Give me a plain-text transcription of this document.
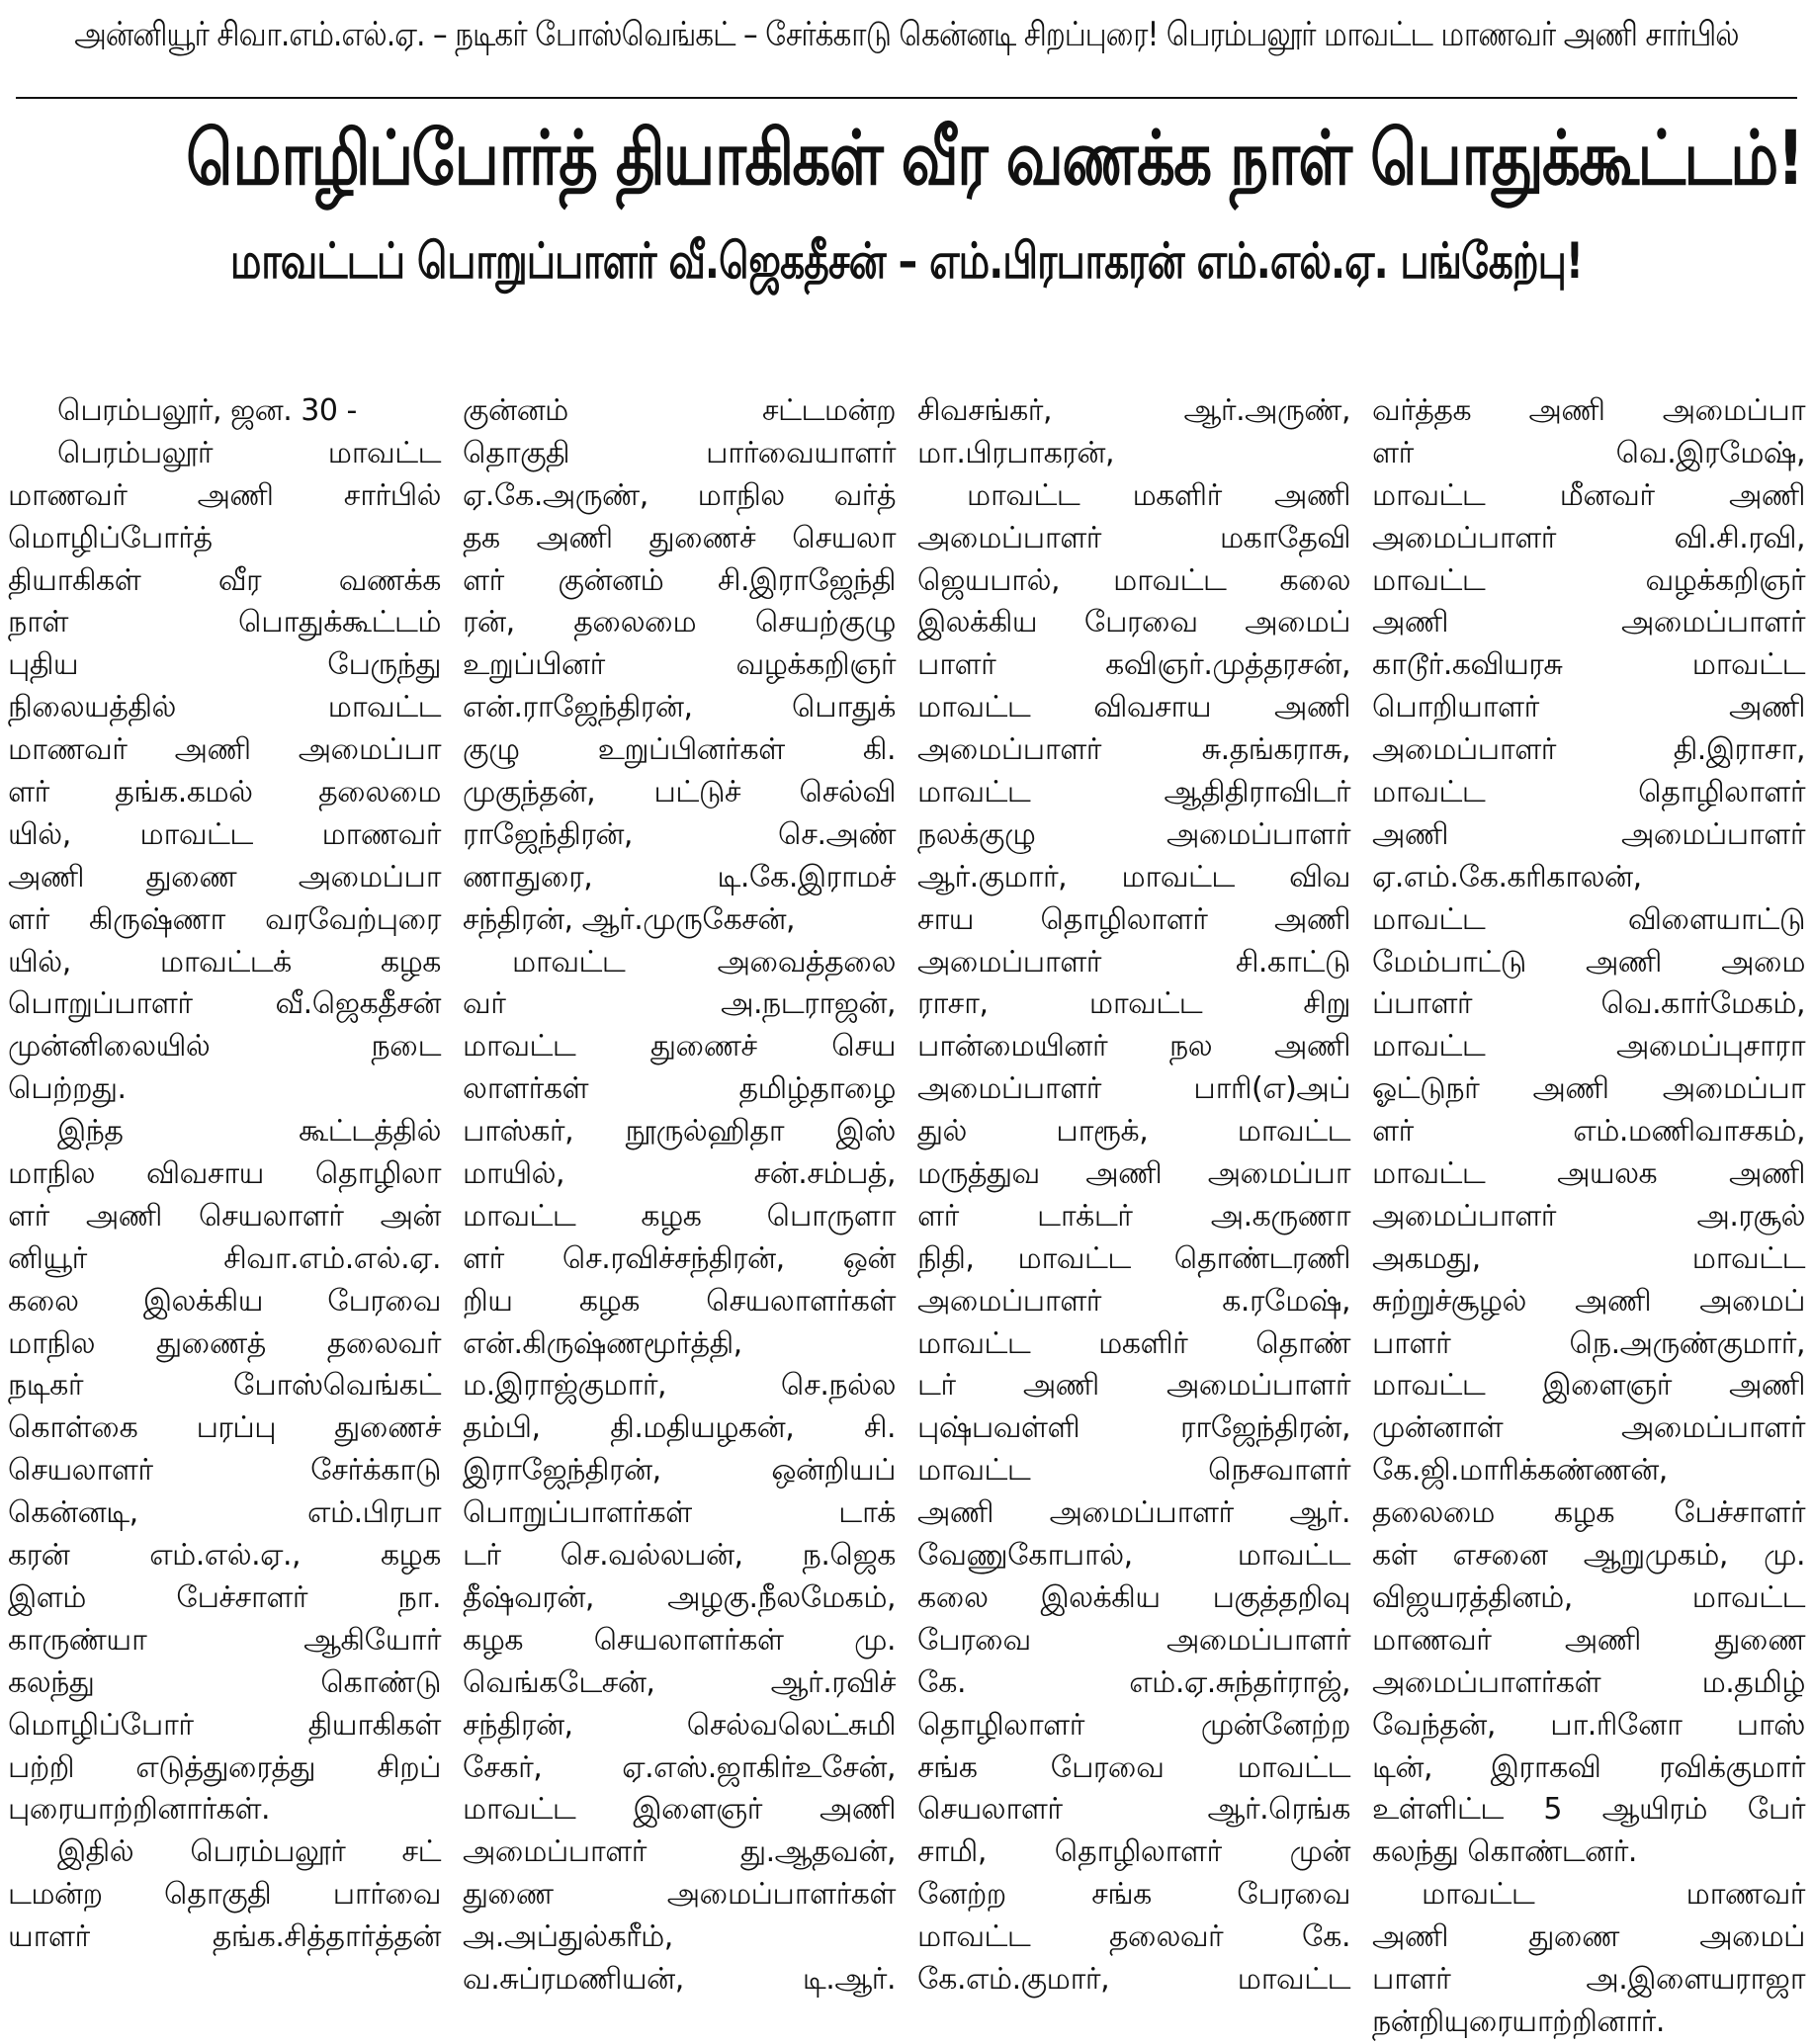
அன்னியூர் சிவா.எம்.எல்.ஏ. – நடிகர் போஸ்வெங்கட் – சேர்க்காடு கென்னடி சிறப்புரை! பெரம்பலூர் மாவட்ட மாணவர் அணி சார்பில்
மொழிப்போர்த் தியாகிகள் வீர வணக்க நாள் பொதுக்கூட்டம்!
மாவட்டப் பொறுப்பாளர் வீ.ஜெகதீசன் – எம்.பிரபாகரன் எம்.எல்.ஏ. பங்கேற்பு!
பெரம்பலூர், ஜன. 30 -
பெரம்பலூர் மாவட்ட
மாணவர் அணி சார்பில்
மொழிப்போர்த்
தியாகிகள் வீர வணக்க
நாள் பொதுக்கூட்டம்
புதிய பேருந்து
நிலையத்தில் மாவட்ட
மாணவர் அணி அமைப்பா
ளர் தங்க.கமல் தலைமை
யில், மாவட்ட மாணவர்
அணி துணை அமைப்பா
ளர் கிருஷ்ணா வரவேற்புரை
யில், மாவட்டக் கழக
பொறுப்பாளர் வீ.ஜெகதீசன்
முன்னிலையில் நடை
பெற்றது.
இந்த கூட்டத்தில்
மாநில விவசாய தொழிலா
ளர் அணி செயலாளர் அன்
னியூர் சிவா.எம்.எல்.ஏ.
கலை இலக்கிய பேரவை
மாநில துணைத் தலைவர்
நடிகர் போஸ்வெங்கட்
கொள்கை பரப்பு துணைச்
செயலாளர் சேர்க்காடு
கென்னடி, எம்.பிரபா
கரன் எம்.எல்.ஏ., கழக
இளம் பேச்சாளர் நா.
காருண்யா ஆகியோர்
கலந்து கொண்டு
மொழிப்போர் தியாகிகள்
பற்றி எடுத்துரைத்து சிறப்
புரையாற்றினார்கள்.
இதில் பெரம்பலூர் சட்
டமன்ற தொகுதி பார்வை
யாளர் தங்க.சித்தார்த்தன்
குன்னம் சட்டமன்ற
தொகுதி பார்வையாளர்
ஏ.கே.அருண், மாநில வர்த்
தக அணி துணைச் செயலா
ளர் குன்னம் சி.இராஜேந்தி
ரன், தலைமை செயற்குழு
உறுப்பினர் வழக்கறிஞர்
என்.ராஜேந்திரன், பொதுக்
குழு உறுப்பினர்கள் கி.
முகுந்தன், பட்டுச் செல்வி
ராஜேந்திரன், செ.அண்
ணாதுரை, டி.கே.இராமச்
சந்திரன், ஆர்.முருகேசன்,
மாவட்ட அவைத்தலை
வர் அ.நடராஜன்,
மாவட்ட துணைச் செய
லாளர்கள் தமிழ்தாழை
பாஸ்கர், நூருல்ஹிதா இஸ்
மாயில், சன்.சம்பத்,
மாவட்ட கழக பொருளா
ளர் செ.ரவிச்சந்திரன், ஒன்
றிய கழக செயலாளர்கள்
என்.கிருஷ்ணமூர்த்தி,
ம.இராஜ்குமார், செ.நல்ல
தம்பி, தி.மதியழகன், சி.
இராஜேந்திரன், ஒன்றியப்
பொறுப்பாளர்கள் டாக்
டர் செ.வல்லபன், ந.ஜெக
தீஷ்வரன், அழகு.நீலமேகம்,
கழக செயலாளர்கள் மு.
வெங்கடேசன், ஆர்.ரவிச்
சந்திரன், செல்வலெட்சுமி
சேகர், ஏ.எஸ்.ஜாகிர்உசேன்,
மாவட்ட இளைஞர் அணி
அமைப்பாளர் து.ஆதவன்,
துணை அமைப்பாளர்கள்
அ.அப்துல்கரீம்,
வ.சுப்ரமணியன், டி.ஆர்.
சிவசங்கர், ஆர்.அருண்,
மா.பிரபாகரன்,
மாவட்ட மகளிர் அணி
அமைப்பாளர் மகாதேவி
ஜெயபால், மாவட்ட கலை
இலக்கிய பேரவை அமைப்
பாளர் கவிஞர்.முத்தரசன்,
மாவட்ட விவசாய அணி
அமைப்பாளர் சு.தங்கராசு,
மாவட்ட ஆதிதிராவிடர்
நலக்குழு அமைப்பாளர்
ஆர்.குமார், மாவட்ட விவ
சாய தொழிலாளர் அணி
அமைப்பாளர் சி.காட்டு
ராசா, மாவட்ட சிறு
பான்மையினர் நல அணி
அமைப்பாளர் பாரி(எ)அப்
துல் பாரூக், மாவட்ட
மருத்துவ அணி அமைப்பா
ளர் டாக்டர் அ.கருணா
நிதி, மாவட்ட தொண்டரணி
அமைப்பாளர் க.ரமேஷ்,
மாவட்ட மகளிர் தொண்
டர் அணி அமைப்பாளர்
புஷ்பவள்ளி ராஜேந்திரன்,
மாவட்ட நெசவாளர்
அணி அமைப்பாளர் ஆர்.
வேணுகோபால், மாவட்ட
கலை இலக்கிய பகுத்தறிவு
பேரவை அமைப்பாளர்
கே. எம்.ஏ.சுந்தர்ராஜ்,
தொழிலாளர் முன்னேற்ற
சங்க பேரவை மாவட்ட
செயலாளர் ஆர்.ரெங்க
சாமி, தொழிலாளர் முன்
னேற்ற சங்க பேரவை
மாவட்ட தலைவர் கே.
கே.எம்.குமார், மாவட்ட
வர்த்தக அணி அமைப்பா
ளர் வெ.இரமேஷ்,
மாவட்ட மீனவர் அணி
அமைப்பாளர் வி.சி.ரவி,
மாவட்ட வழக்கறிஞர்
அணி அமைப்பாளர்
காடூர்.கவியரசு மாவட்ட
பொறியாளர் அணி
அமைப்பாளர் தி.இராசா,
மாவட்ட தொழிலாளர்
அணி அமைப்பாளர்
ஏ.எம்.கே.கரிகாலன்,
மாவட்ட விளையாட்டு
மேம்பாட்டு அணி அமை
ப்பாளர் வெ.கார்மேகம்,
மாவட்ட அமைப்புசாரா
ஓட்டுநர் அணி அமைப்பா
ளர் எம்.மணிவாசகம்,
மாவட்ட அயலக அணி
அமைப்பாளர் அ.ரசூல்
அகமது, மாவட்ட
சுற்றுச்சூழல் அணி அமைப்
பாளர் நெ.அருண்குமார்,
மாவட்ட இளைஞர் அணி
முன்னாள் அமைப்பாளர்
கே.ஜி.மாரிக்கண்ணன்,
தலைமை கழக பேச்சாளர்
கள் எசனை ஆறுமுகம், மு.
விஜயரத்தினம், மாவட்ட
மாணவர் அணி துணை
அமைப்பாளர்கள் ம.தமிழ்
வேந்தன், பா.ரினோ பாஸ்
டின், இராகவி ரவிக்குமார்
உள்ளிட்ட 5 ஆயிரம் பேர்
கலந்து கொண்டனர்.
மாவட்ட மாணவர்
அணி துணை அமைப்
பாளர் அ.இளையராஜா
நன்றியுரையாற்றினார்.
